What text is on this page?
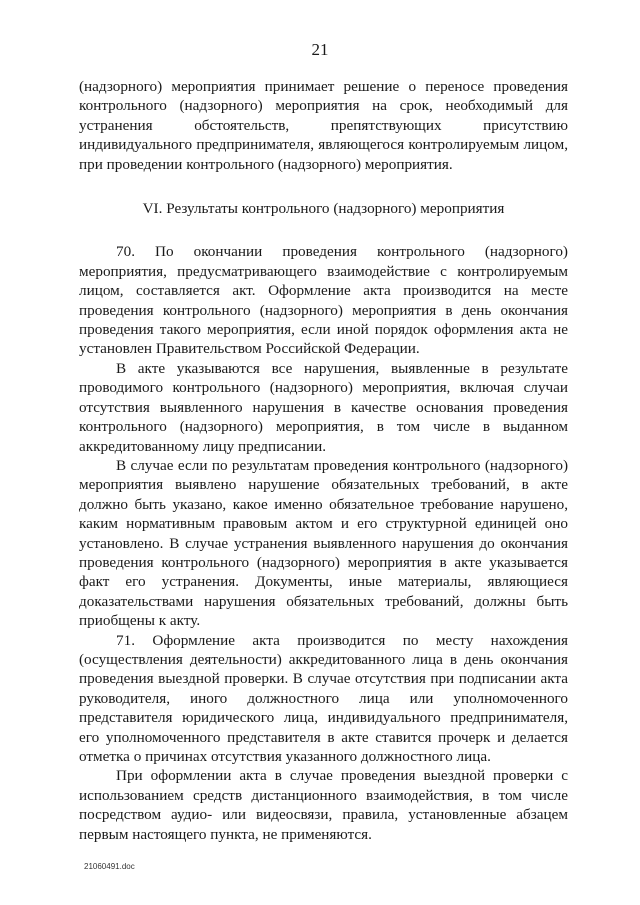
21

(надзорного) мероприятия принимает решение о переносе проведения контрольного (надзорного) мероприятия на срок, необходимый для устранения обстоятельств, препятствующих присутствию индивидуального предпринимателя, являющегося контролируемым лицом, при проведении контрольного (надзорного) мероприятия.

VI. Результаты контрольного (надзорного) мероприятия

70. По окончании проведения контрольного (надзорного) мероприятия, предусматривающего взаимодействие с контролируемым лицом, составляется акт. Оформление акта производится на месте проведения контрольного (надзорного) мероприятия в день окончания проведения такого мероприятия, если иной порядок оформления акта не установлен Правительством Российской Федерации.

В акте указываются все нарушения, выявленные в результате проводимого контрольного (надзорного) мероприятия, включая случаи отсутствия выявленного нарушения в качестве основания проведения контрольного (надзорного) мероприятия, в том числе в выданном аккредитованному лицу предписании.

В случае если по результатам проведения контрольного (надзорного) мероприятия выявлено нарушение обязательных требований, в акте должно быть указано, какое именно обязательное требование нарушено, каким нормативным правовым актом и его структурной единицей оно установлено. В случае устранения выявленного нарушения до окончания проведения контрольного (надзорного) мероприятия в акте указывается факт его устранения. Документы, иные материалы, являющиеся доказательствами нарушения обязательных требований, должны быть приобщены к акту.

71. Оформление акта производится по месту нахождения (осуществления деятельности) аккредитованного лица в день окончания проведения выездной проверки. В случае отсутствия при подписании акта руководителя, иного должностного лица или уполномоченного представителя юридического лица, индивидуального предпринимателя, его уполномоченного представителя в акте ставится прочерк и делается отметка о причинах отсутствия указанного должностного лица.

При оформлении акта в случае проведения выездной проверки с использованием средств дистанционного взаимодействия, в том числе посредством аудио- или видеосвязи, правила, установленные абзацем первым настоящего пункта, не применяются.

21060491.doc
